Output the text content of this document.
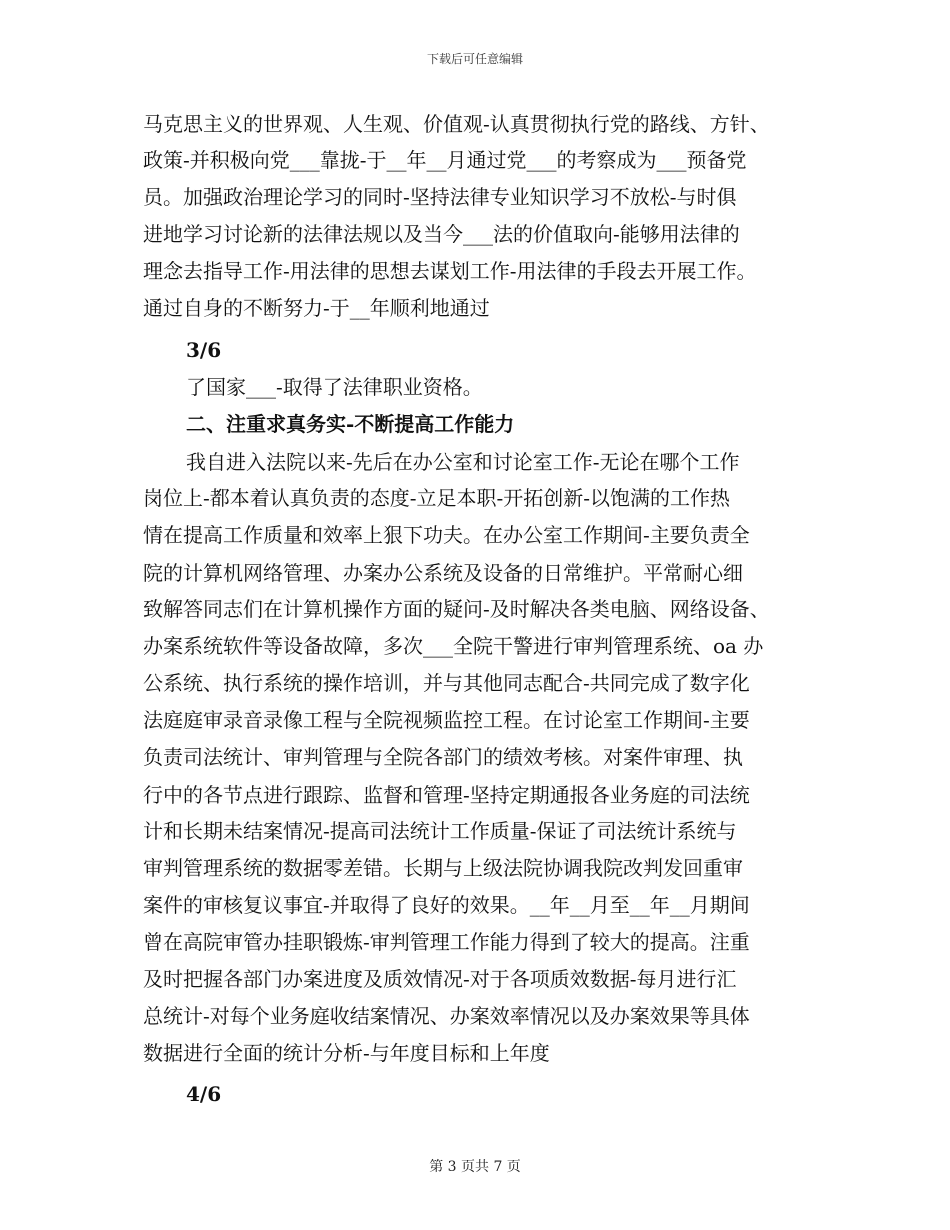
下载后可任意编辑
马克思主义的世界观、人生观、价值观-认真贯彻执行党的路线、方针、
政策-并积极向党___靠拢-于__年__月通过党___的考察成为___预备党
员。加强政治理论学习的同时-坚持法律专业知识学习不放松-与时俱
进地学习讨论新的法律法规以及当今___法的价值取向-能够用法律的
理念去指导工作-用法律的思想去谋划工作-用法律的手段去开展工作。
通过自身的不断努力-于__年顺利地通过
3/6
了国家___-取得了法律职业资格。
二、注重求真务实-不断提高工作能力
我自进入法院以来-先后在办公室和讨论室工作-无论在哪个工作
岗位上-都本着认真负责的态度-立足本职-开拓创新-以饱满的工作热
情在提高工作质量和效率上狠下功夫。在办公室工作期间-主要负责全
院的计算机网络管理、办案办公系统及设备的日常维护。平常耐心细
致解答同志们在计算机操作方面的疑问-及时解决各类电脑、网络设备、
办案系统软件等设备故障，多次___全院干警进行审判管理系统、oa 办
公系统、执行系统的操作培训，并与其他同志配合-共同完成了数字化
法庭庭审录音录像工程与全院视频监控工程。在讨论室工作期间-主要
负责司法统计、审判管理与全院各部门的绩效考核。对案件审理、执
行中的各节点进行跟踪、监督和管理-坚持定期通报各业务庭的司法统
计和长期未结案情况-提高司法统计工作质量-保证了司法统计系统与
审判管理系统的数据零差错。长期与上级法院协调我院改判发回重审
案件的审核复议事宜-并取得了良好的效果。__年__月至__年__月期间
曾在高院审管办挂职锻炼-审判管理工作能力得到了较大的提高。注重
及时把握各部门办案进度及质效情况-对于各项质效数据-每月进行汇
总统计-对每个业务庭收结案情况、办案效率情况以及办案效果等具体
数据进行全面的统计分析-与年度目标和上年度
4/6
第 3 页共 7 页
